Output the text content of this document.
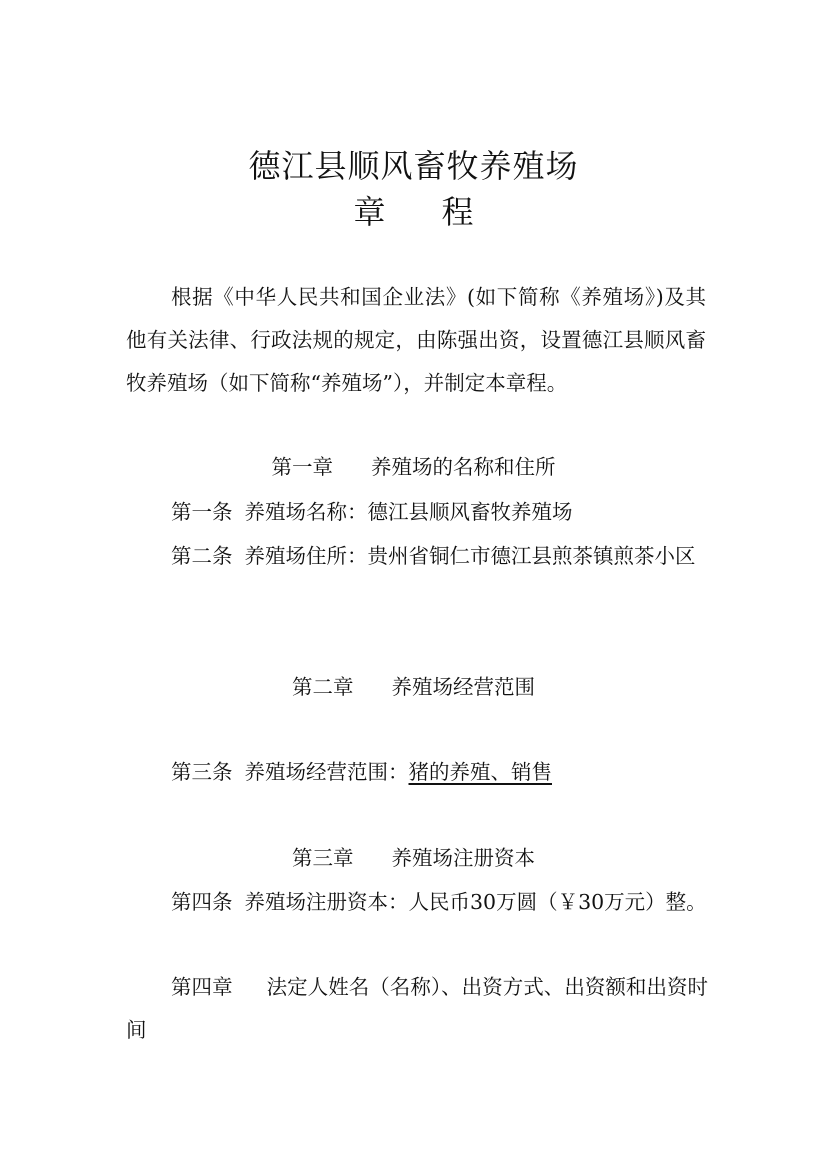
德江县顺风畜牧养殖场
章 程
根据《中华人民共和国企业法》(如下简称《养殖场》)及其他有关法律、行政法规的规定，由陈强出资，设置德江县顺风畜牧养殖场（如下简称“养殖场”），并制定本章程。
第一章 养殖场的名称和住所
第一条 养殖场名称：德江县顺风畜牧养殖场
第二条 养殖场住所：贵州省铜仁市德江县煎茶镇煎茶小区
第二章 养殖场经营范围
第三条 养殖场经营范围：猪的养殖、销售
第三章 养殖场注册资本
第四条 养殖场注册资本：人民币30万圆（￥30万元）整。
第四章 法定人姓名（名称）、出资方式、出资额和出资时间
